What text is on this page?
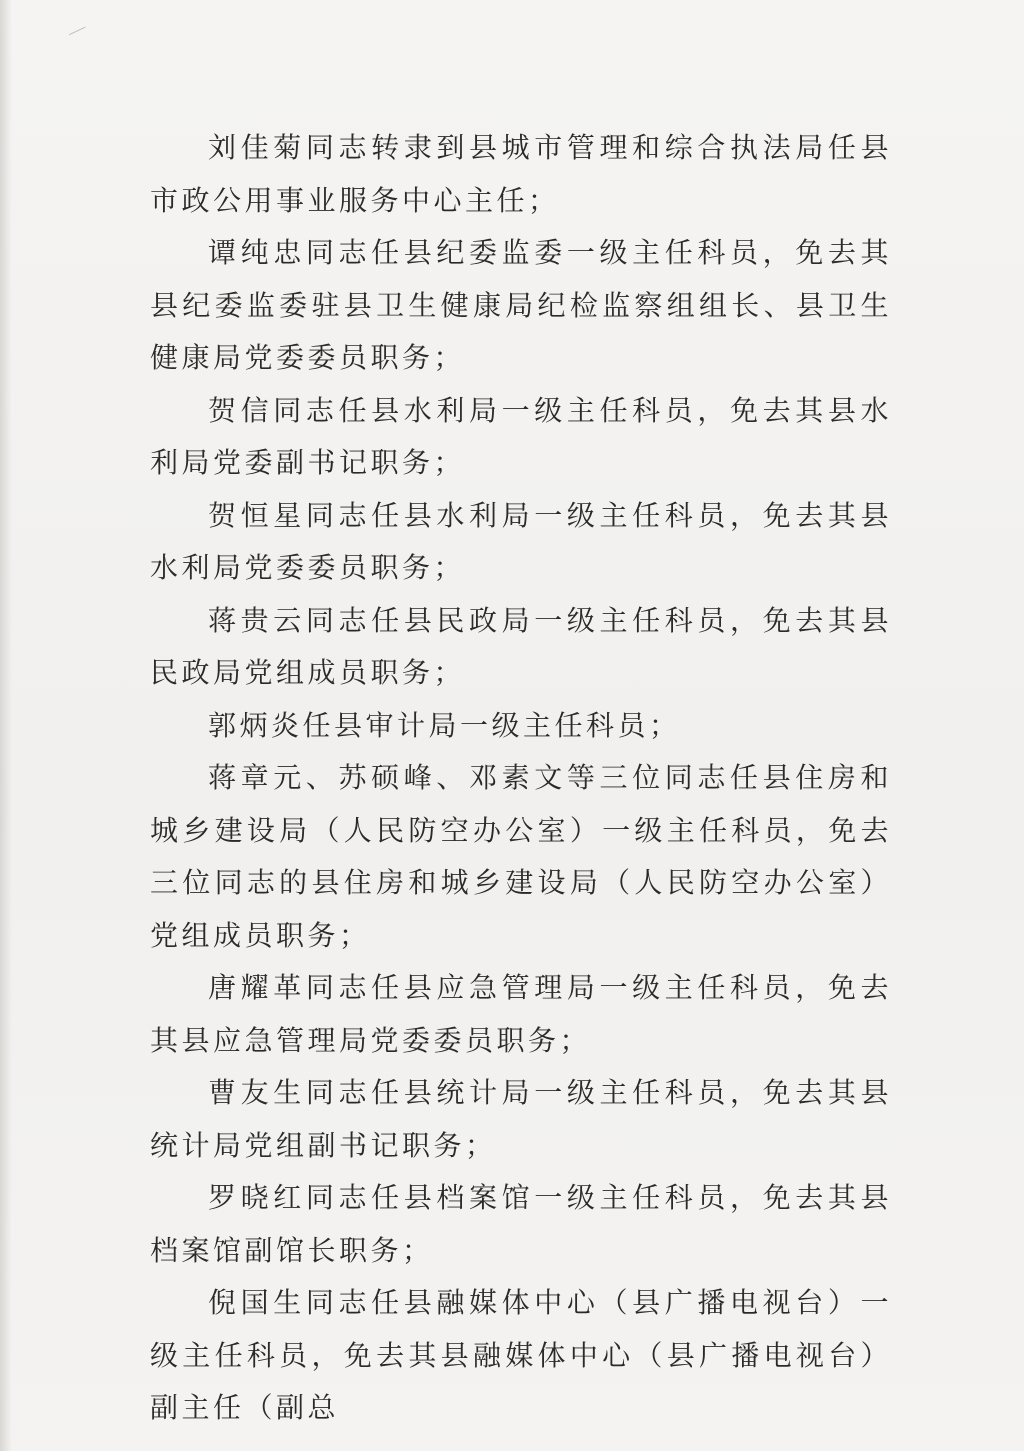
刘佳菊同志转隶到县城市管理和综合执法局任县市政公用事业服务中心主任；

谭纯忠同志任县纪委监委一级主任科员，免去其县纪委监委驻县卫生健康局纪检监察组组长、县卫生健康局党委委员职务；

贺信同志任县水利局一级主任科员，免去其县水利局党委副书记职务；

贺恒星同志任县水利局一级主任科员，免去其县水利局党委委员职务；

蒋贵云同志任县民政局一级主任科员，免去其县民政局党组成员职务；

郭炳炎任县审计局一级主任科员；

蒋章元、苏硕峰、邓素文等三位同志任县住房和城乡建设局（人民防空办公室）一级主任科员，免去三位同志的县住房和城乡建设局（人民防空办公室）党组成员职务；

唐耀革同志任县应急管理局一级主任科员，免去其县应急管理局党委委员职务；

曹友生同志任县统计局一级主任科员，免去其县统计局党组副书记职务；

罗晓红同志任县档案馆一级主任科员，免去其县档案馆副馆长职务；

倪国生同志任县融媒体中心（县广播电视台）一级主任科员，免去其县融媒体中心（县广播电视台）副主任（副总
